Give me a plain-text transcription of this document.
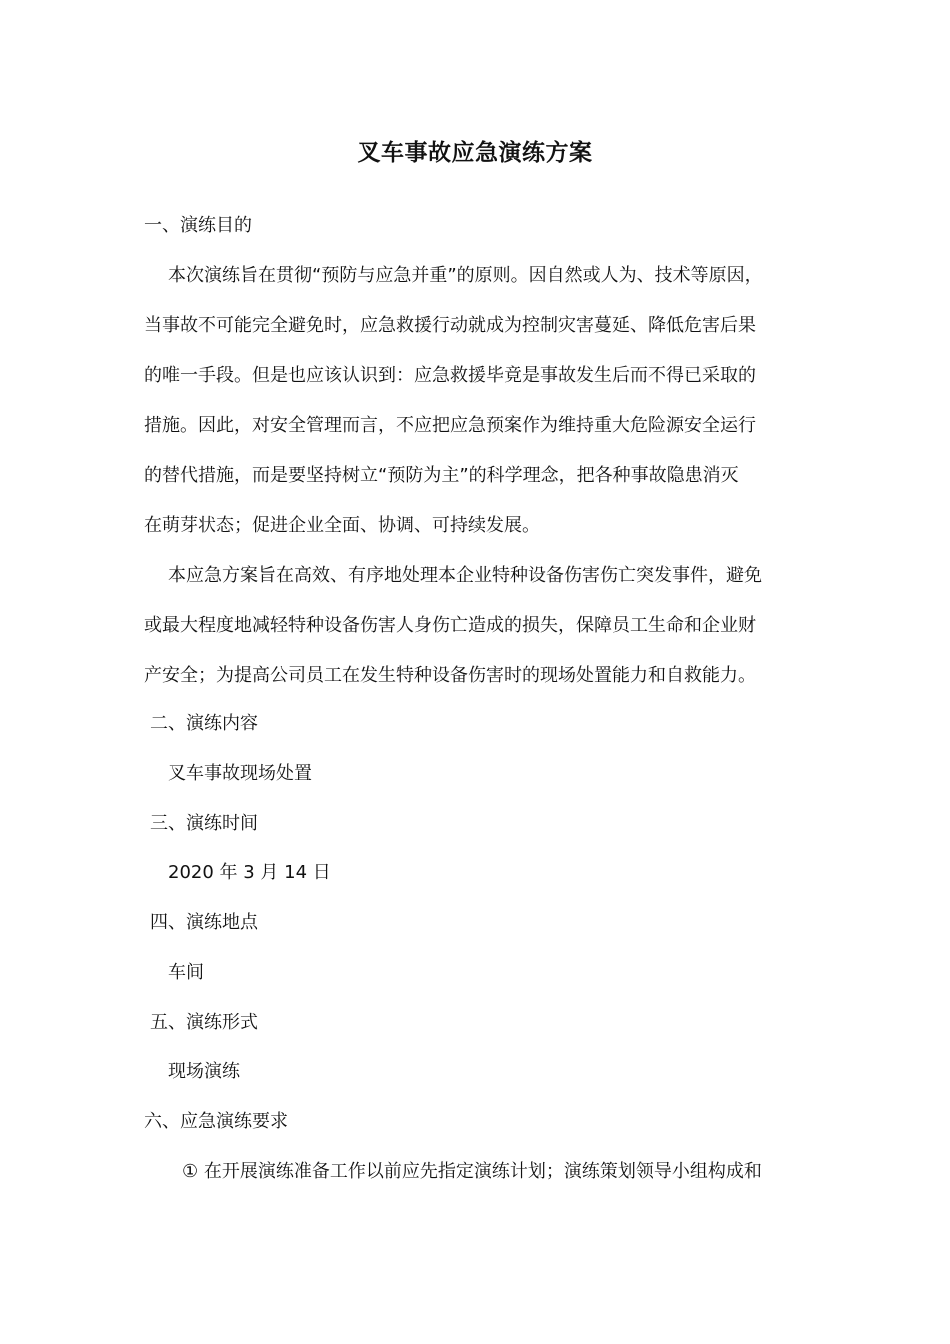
叉车事故应急演练方案
一、演练目的
本次演练旨在贯彻“预防与应急并重”的原则。因自然或人为、技术等原因，
当事故不可能完全避免时，应急救援行动就成为控制灾害蔓延、降低危害后果
的唯一手段。但是也应该认识到：应急救援毕竟是事故发生后而不得已采取的
措施。因此，对安全管理而言，不应把应急预案作为维持重大危险源安全运行
的替代措施，而是要坚持树立“预防为主”的科学理念，把各种事故隐患消灭
在萌芽状态；促进企业全面、协调、可持续发展。
本应急方案旨在高效、有序地处理本企业特种设备伤害伤亡突发事件，避免
或最大程度地减轻特种设备伤害人身伤亡造成的损失，保障员工生命和企业财
产安全；为提高公司员工在发生特种设备伤害时的现场处置能力和自救能力。
二、演练内容
叉车事故现场处置
三、演练时间
2020 年 3 月 14 日
四、演练地点
车间
五、演练形式
现场演练
六、应急演练要求
① 在开展演练准备工作以前应先指定演练计划；演练策划领导小组构成和
